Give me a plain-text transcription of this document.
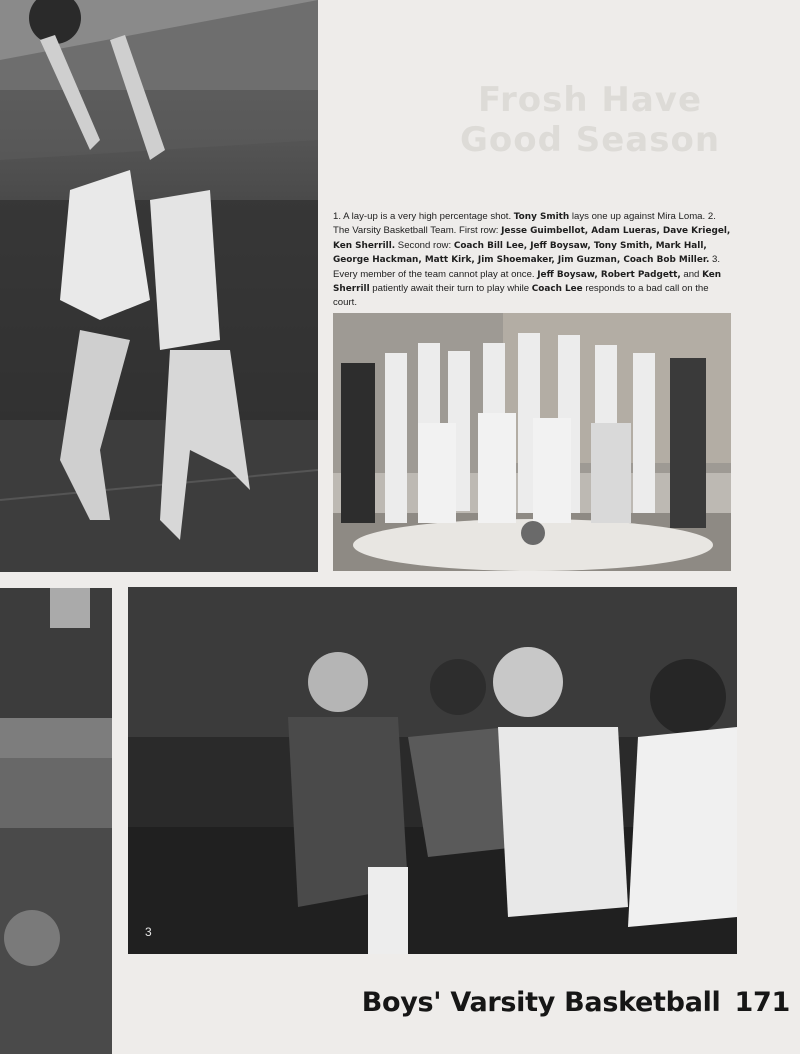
Frosh Have
Good Season
1. A lay-up is a very high percentage shot. Tony Smith lays one up against Mira Loma. 2. The Varsity Basketball Team. First row: Jesse Guimbellot, Adam Lueras, Dave Kriegel, Ken Sherrill. Second row: Coach Bill Lee, Jeff Boysaw, Tony Smith, Mark Hall, George Hackman, Matt Kirk, Jim Shoemaker, Jim Guzman, Coach Bob Miller. 3. Every member of the team cannot play at once. Jeff Boysaw, Robert Padgett, and Ken Sherrill patiently await their turn to play while Coach Lee responds to a bad call on the court.
3
Boys' Varsity Basketball 171
